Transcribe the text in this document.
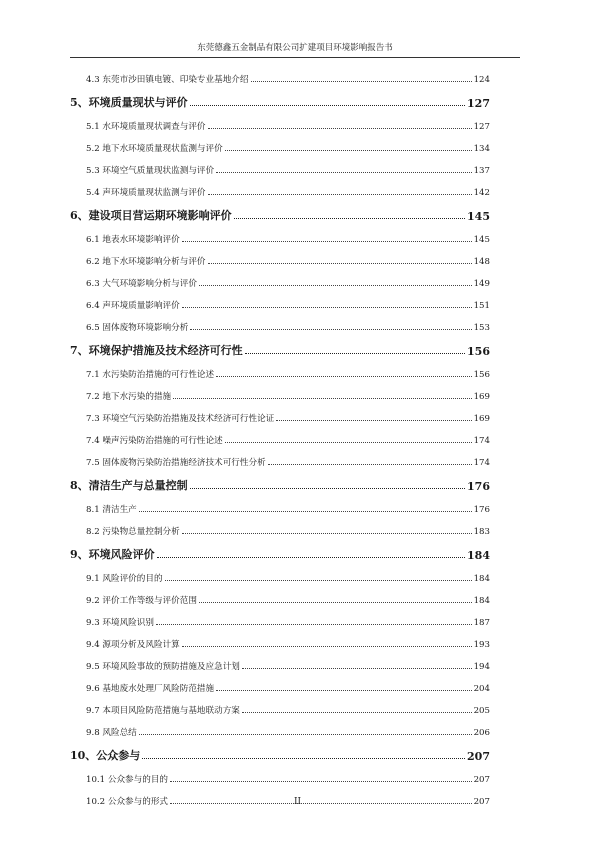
东莞德鑫五金制品有限公司扩建项目环境影响报告书
4.3 东莞市沙田镇电镀、印染专业基地介绍	124
5、环境质量现状与评价	127
5.1 水环境质量现状调查与评价	127
5.2 地下水环境质量现状监测与评价	134
5.3 环境空气质量现状监测与评价	137
5.4 声环境质量现状监测与评价	142
6、建设项目营运期环境影响评价	145
6.1 地表水环境影响评价	145
6.2 地下水环境影响分析与评价	148
6.3 大气环境影响分析与评价	149
6.4 声环境质量影响评价	151
6.5 固体废物环境影响分析	153
7、环境保护措施及技术经济可行性	156
7.1 水污染防治措施的可行性论述	156
7.2 地下水污染的措施	169
7.3 环境空气污染防治措施及技术经济可行性论证	169
7.4 噪声污染防治措施的可行性论述	174
7.5 固体废物污染防治措施经济技术可行性分析	174
8、清洁生产与总量控制	176
8.1 清洁生产	176
8.2 污染物总量控制分析	183
9、环境风险评价	184
9.1 风险评价的目的	184
9.2 评价工作等级与评价范围	184
9.3 环境风险识别	187
9.4 源项分析及风险计算	193
9.5 环境风险事故的预防措施及应急计划	194
9.6 基地废水处理厂风险防范措施	204
9.7 本项目风险防范措施与基地联动方案	205
9.8 风险总结	206
10、公众参与	207
10.1 公众参与的目的	207
10.2 公众参与的形式	207
II
